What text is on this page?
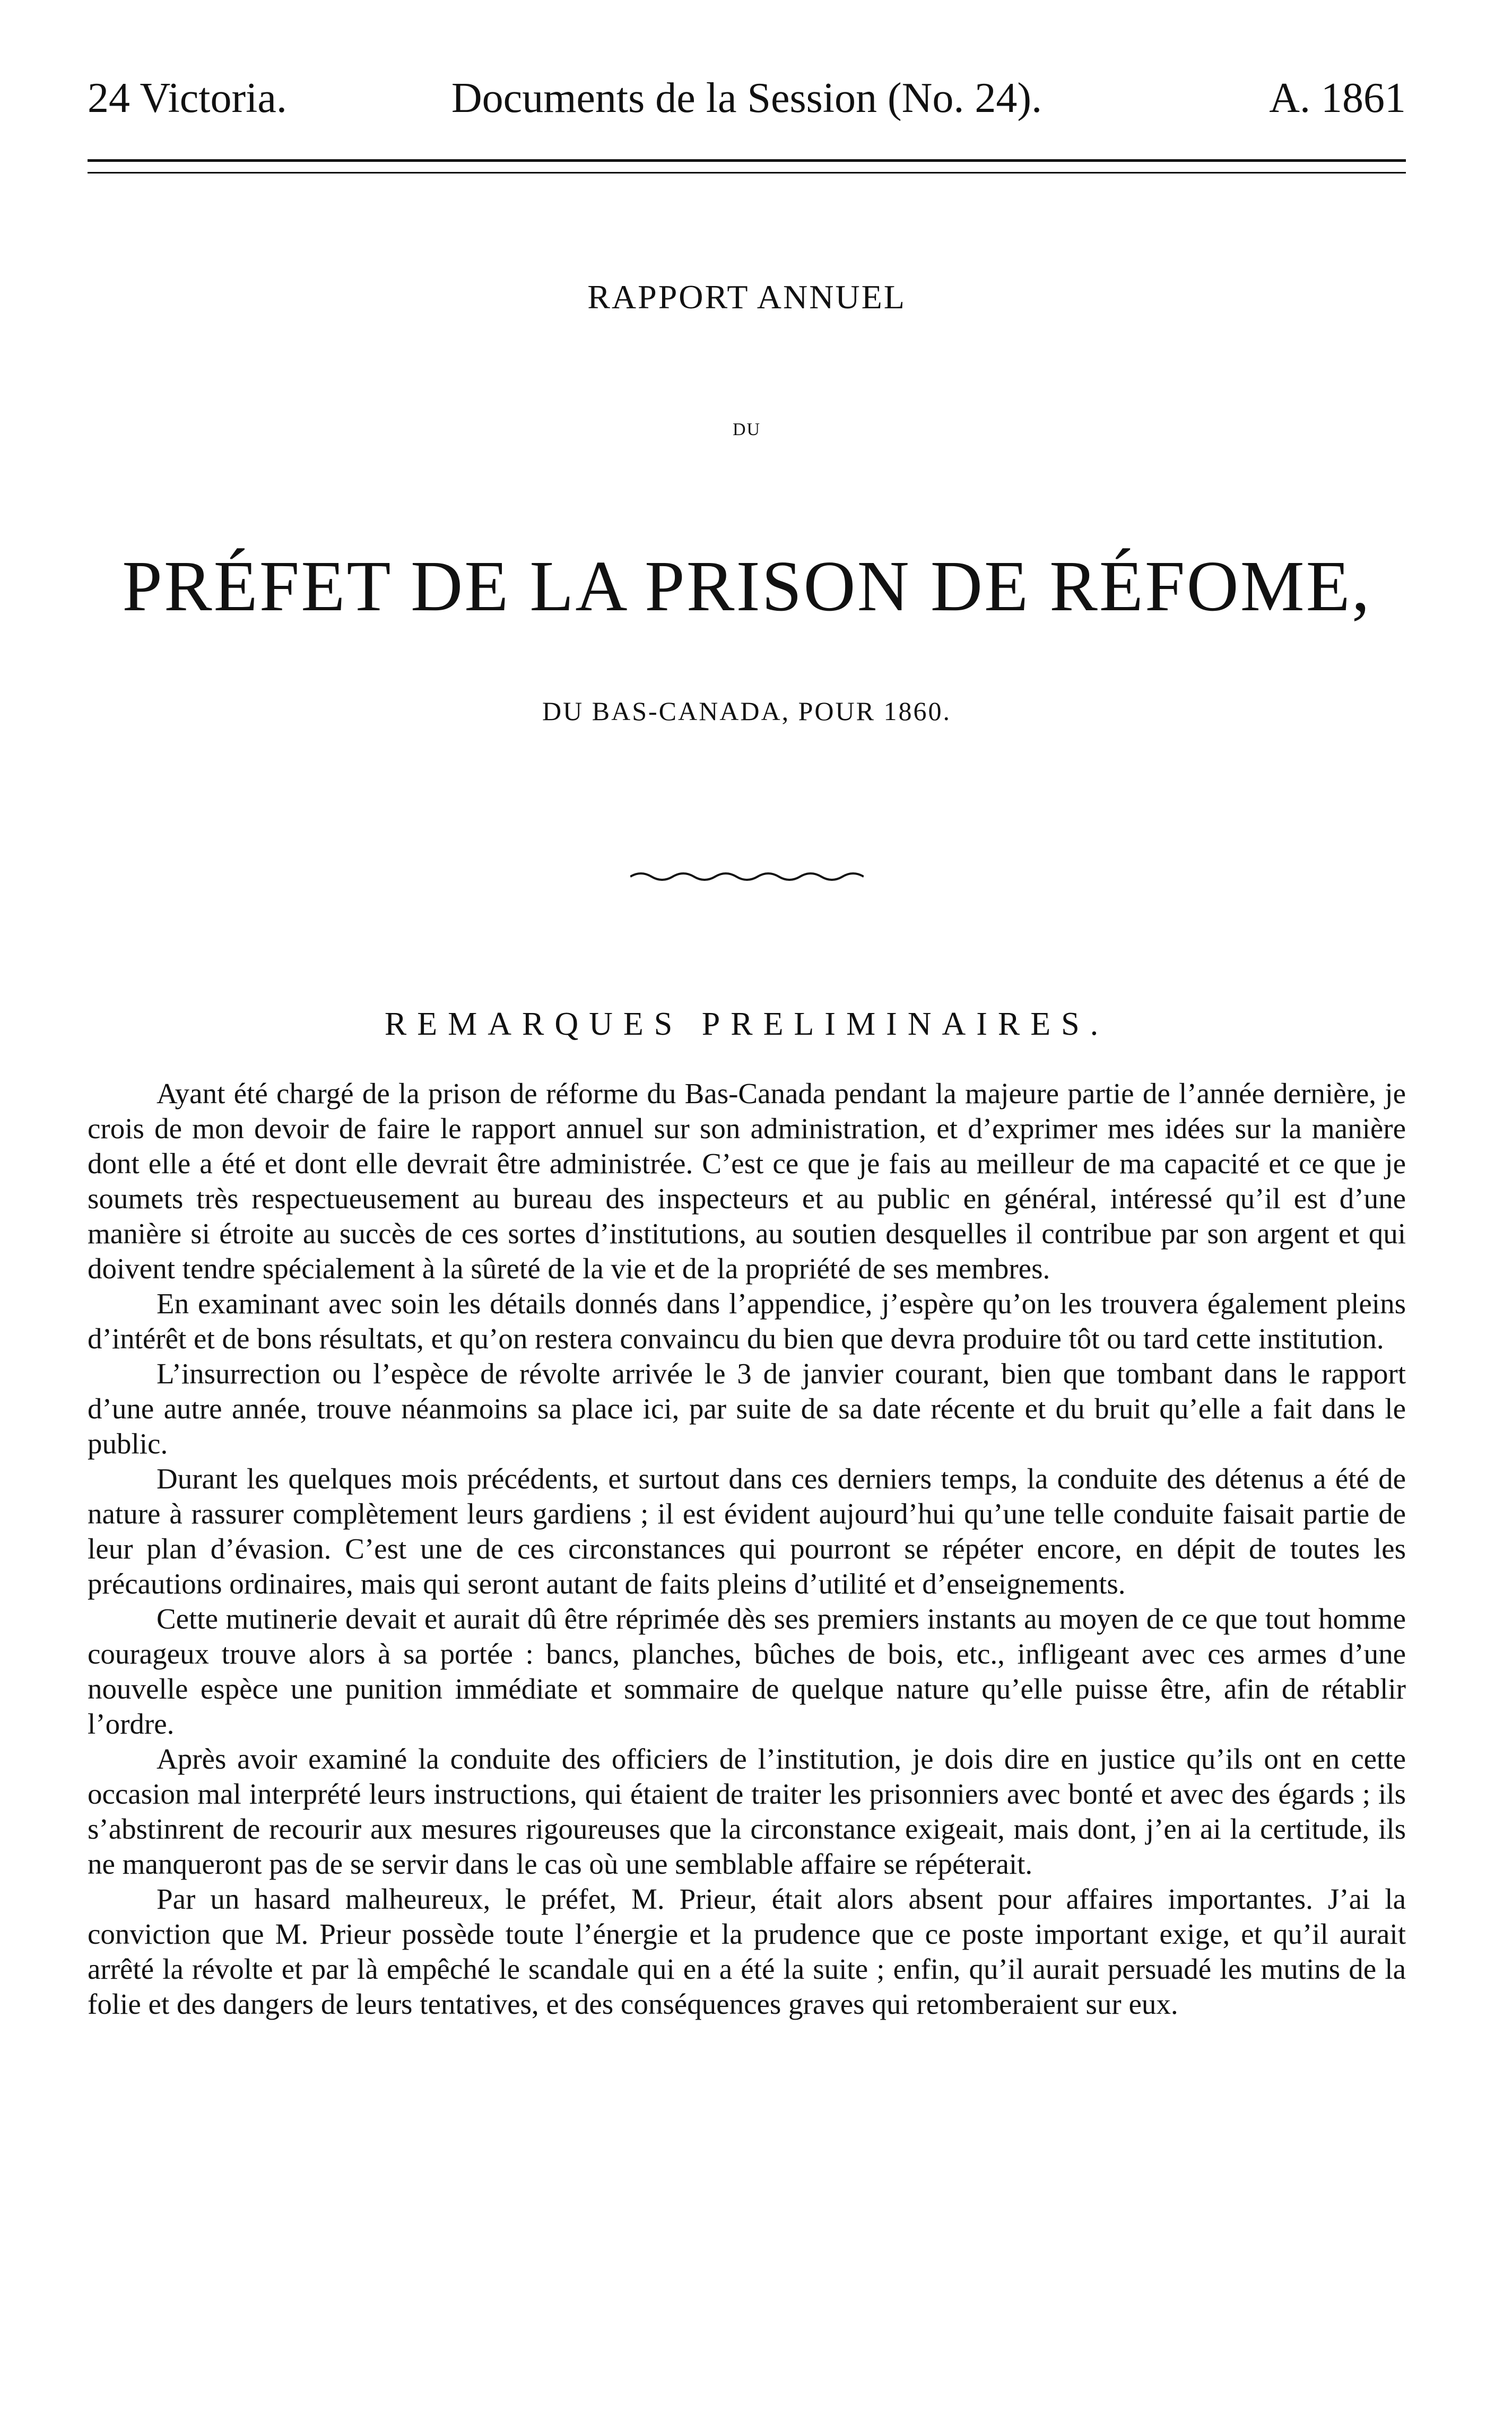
Documents de la Session (No. 24).
24 Victoria.	A. 1861
RAPPORT ANNUEL
DU
PRÉFET DE LA PRISON DE RÉFOME,
DU BAS-CANADA, POUR 1860.
REMARQUES PRELIMINAIRES.

Ayant été chargé de la prison de réforme du Bas-Canada pendant la majeure partie de l’année dernière, je crois de mon devoir de faire le rapport annuel sur son administration, et d’exprimer mes idées sur la manière dont elle a été et dont elle devrait être administrée. C’est ce que je fais au meilleur de ma capacité et ce que je soumets très respectueusement au bureau des inspecteurs et au public en général, intéressé qu’il est d’une manière si étroite au succès de ces sortes d’institutions, au soutien desquelles il contribue par son argent et qui doivent tendre spécialement à la sûreté de la vie et de la propriété de ses membres.

En examinant avec soin les détails donnés dans l’appendice, j’espère qu’on les trouvera également pleins d’intérêt et de bons résultats, et qu’on restera convaincu du bien que devra produire tôt ou tard cette institution.

L’insurrection ou l’espèce de révolte arrivée le 3 de janvier courant, bien que tombant dans le rapport d’une autre année, trouve néanmoins sa place ici, par suite de sa date récente et du bruit qu’elle a fait dans le public.

Durant les quelques mois précédents, et surtout dans ces derniers temps, la conduite des détenus a été de nature à rassurer complètement leurs gardiens ; il est évident aujourd’hui qu’une telle conduite faisait partie de leur plan d’évasion. C’est une de ces circonstances qui pourront se répéter encore, en dépit de toutes les précautions ordinaires, mais qui seront autant de faits pleins d’utilité et d’enseignements.

Cette mutinerie devait et aurait dû être réprimée dès ses premiers instants au moyen de ce que tout homme courageux trouve alors à sa portée : bancs, planches, bûches de bois, etc., infligeant avec ces armes d’une nouvelle espèce une punition immédiate et sommaire de quelque nature qu’elle puisse être, afin de rétablir l’ordre.

Après avoir examiné la conduite des officiers de l’institution, je dois dire en justice qu’ils ont en cette occasion mal interprété leurs instructions, qui étaient de traiter les prisonniers avec bonté et avec des égards ; ils s’abstinrent de recourir aux mesures rigoureuses que la circonstance exigeait, mais dont, j’en ai la certitude, ils ne manqueront pas de se servir dans le cas où une semblable affaire se répéterait.

Par un hasard malheureux, le préfet, M. Prieur, était alors absent pour affaires importantes. J’ai la conviction que M. Prieur possède toute l’énergie et la prudence que ce poste important exige, et qu’il aurait arrêté la révolte et par là empêché le scandale qui en a été la suite ; enfin, qu’il aurait persuadé les mutins de la folie et des dangers de leurs tentatives, et des conséquences graves qui retomberaient sur eux.
